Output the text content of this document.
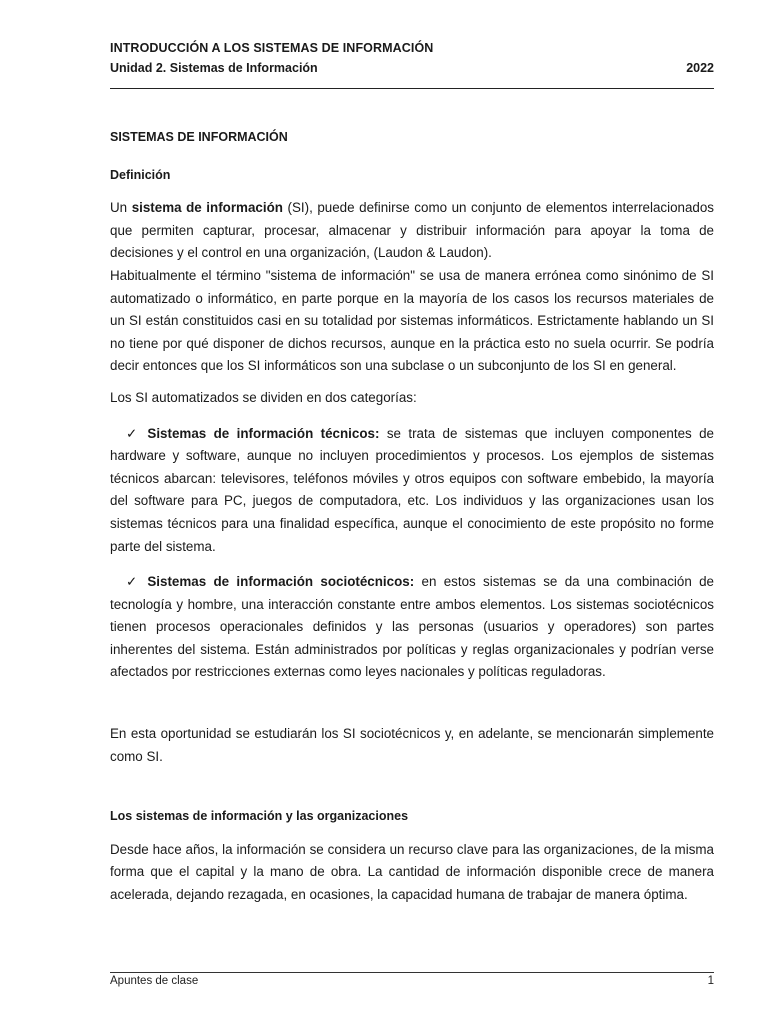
INTRODUCCIÓN A LOS SISTEMAS DE INFORMACIÓN
Unidad 2. Sistemas de Información	2022

SISTEMAS DE INFORMACIÓN

Definición

Un sistema de información (SI), puede definirse como un conjunto de elementos interrelacionados que permiten capturar, procesar, almacenar y distribuir información para apoyar la toma de decisiones y el control en una organización, (Laudon & Laudon).

Habitualmente el término "sistema de información" se usa de manera errónea como sinónimo de SI automatizado o informático, en parte porque en la mayoría de los casos los recursos materiales de un SI están constituidos casi en su totalidad por sistemas informáticos. Estrictamente hablando un SI no tiene por qué disponer de dichos recursos, aunque en la práctica esto no suela ocurrir. Se podría decir entonces que los SI informáticos son una subclase o un subconjunto de los SI en general.

Los SI automatizados se dividen en dos categorías:

✓ Sistemas de información técnicos: se trata de sistemas que incluyen componentes de hardware y software, aunque no incluyen procedimientos y procesos. Los ejemplos de sistemas técnicos abarcan: televisores, teléfonos móviles y otros equipos con software embebido, la mayoría del software para PC, juegos de computadora, etc. Los individuos y las organizaciones usan los sistemas técnicos para una finalidad específica, aunque el conocimiento de este propósito no forme parte del sistema.

✓ Sistemas de información sociotécnicos: en estos sistemas se da una combinación de tecnología y hombre, una interacción constante entre ambos elementos. Los sistemas sociotécnicos tienen procesos operacionales definidos y las personas (usuarios y operadores) son partes inherentes del sistema. Están administrados por políticas y reglas organizacionales y podrían verse afectados por restricciones externas como leyes nacionales y políticas reguladoras.

En esta oportunidad se estudiarán los SI sociotécnicos y, en adelante, se mencionarán simplemente como SI.

Los sistemas de información y las organizaciones

Desde hace años, la información se considera un recurso clave para las organizaciones, de la misma forma que el capital y la mano de obra. La cantidad de información disponible crece de manera acelerada, dejando rezagada, en ocasiones, la capacidad humana de trabajar de manera óptima.

Apuntes de clase	1
